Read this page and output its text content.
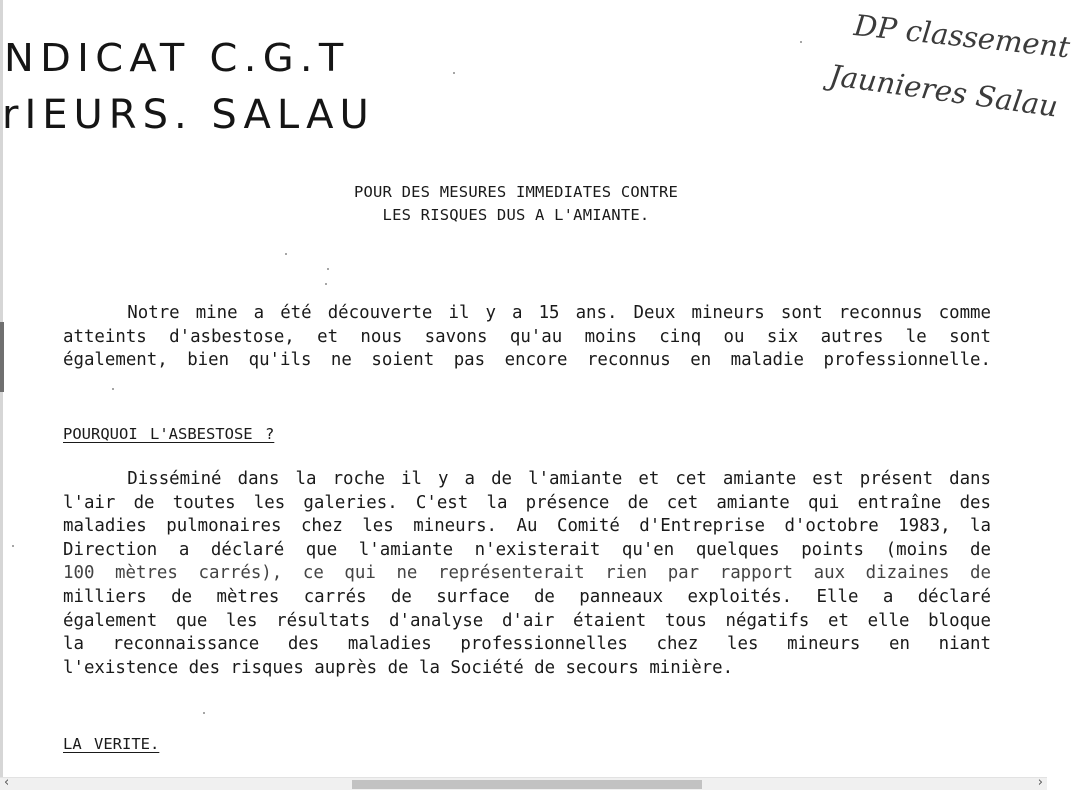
NDICAT C.G.T
rIEURS. SALAU
DP classement
Jaunieres Salau
POUR DES MESURES IMMEDIATES CONTRE
LES RISQUES DUS A L'AMIANTE.
Notre mine a été découverte il y a 15 ans. Deux mineurs sont reconnus comme
atteints d'asbestose, et nous savons qu'au moins cinq ou six autres le sont
également, bien qu'ils ne soient pas encore reconnus en maladie professionnelle.
POURQUOI L'ASBESTOSE ?
Disséminé dans la roche il y a de l'amiante et cet amiante est présent dans
l'air de toutes les galeries. C'est la présence de cet amiante qui entraîne des
maladies pulmonaires chez les mineurs. Au Comité d'Entreprise d'octobre 1983, la
Direction a déclaré que l'amiante n'existerait qu'en quelques points (moins de
100 mètres carrés), ce qui ne représenterait rien par rapport aux dizaines de
milliers de mètres carrés de surface de panneaux exploités. Elle a déclaré
également que les résultats d'analyse d'air étaient tous négatifs et elle bloque
la reconnaissance des maladies professionnelles chez les mineurs en niant
l'existence des risques auprès de la Société de secours minière.
LA VERITE.
‹	›
